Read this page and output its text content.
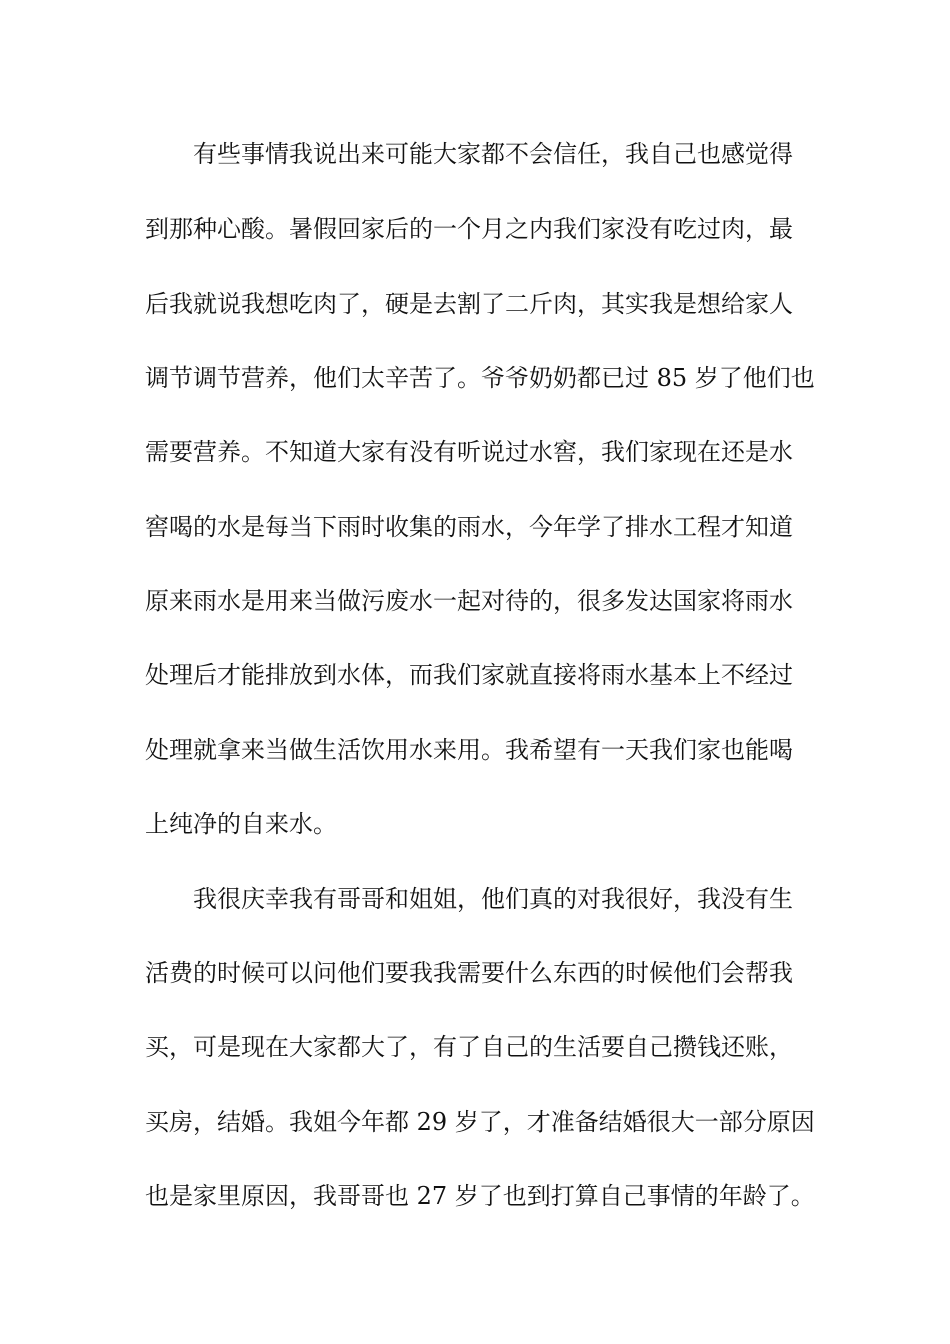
有些事情我说出来可能大家都不会信任，我自己也感觉得
到那种心酸。暑假回家后的一个月之内我们家没有吃过肉，最
后我就说我想吃肉了，硬是去割了二斤肉，其实我是想给家人
调节调节营养，他们太辛苦了。爷爷奶奶都已过 85 岁了他们也
需要营养。不知道大家有没有听说过水窖，我们家现在还是水
窖喝的水是每当下雨时收集的雨水，今年学了排水工程才知道
原来雨水是用来当做污废水一起对待的，很多发达国家将雨水
处理后才能排放到水体，而我们家就直接将雨水基本上不经过
处理就拿来当做生活饮用水来用。我希望有一天我们家也能喝
上纯净的自来水。
我很庆幸我有哥哥和姐姐，他们真的对我很好，我没有生
活费的时候可以问他们要我我需要什么东西的时候他们会帮我
买，可是现在大家都大了，有了自己的生活要自己攒钱还账，
买房，结婚。我姐今年都 29 岁了，才准备结婚很大一部分原因
也是家里原因，我哥哥也 27 岁了也到打算自己事情的年龄了。
